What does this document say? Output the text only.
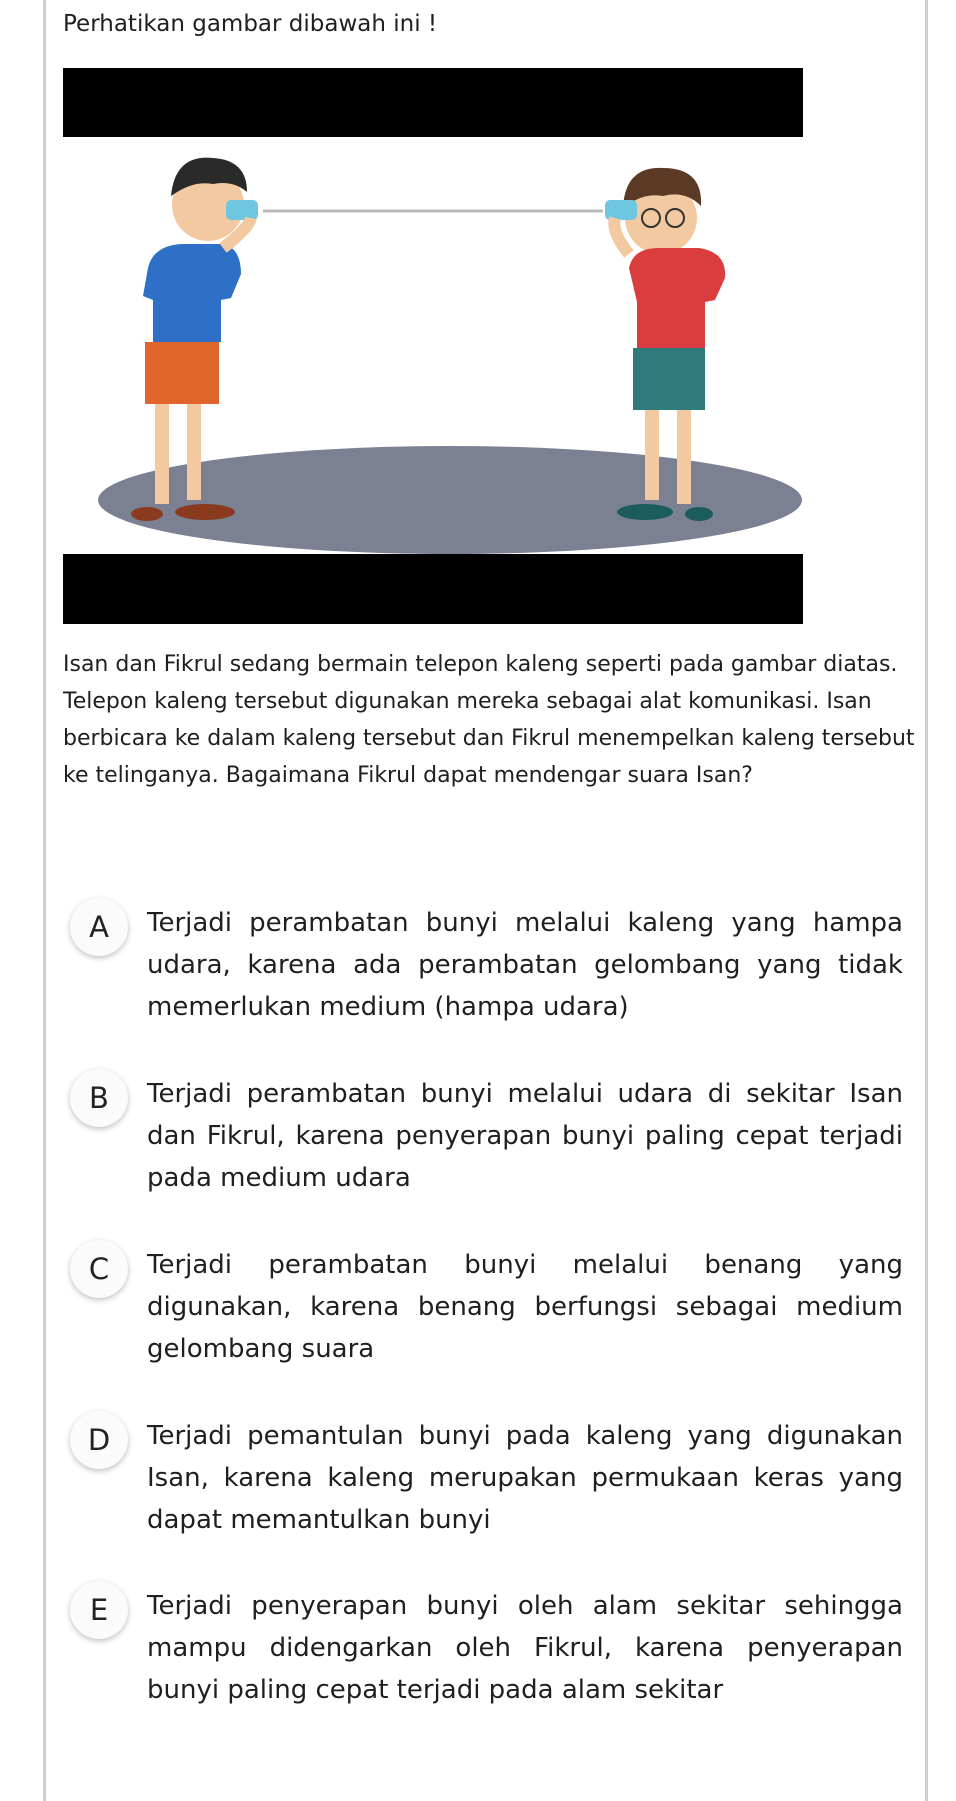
Perhatikan gambar dibawah ini !
Isan dan Fikrul sedang bermain telepon kaleng seperti pada gambar diatas. Telepon kaleng tersebut digunakan mereka sebagai alat komunikasi. Isan berbicara ke dalam kaleng tersebut dan Fikrul menempelkan kaleng tersebut ke telinganya. Bagaimana Fikrul dapat mendengar suara Isan?
A	Terjadi perambatan bunyi melalui kaleng yang hampa udara, karena ada perambatan gelombang yang tidak memerlukan medium (hampa udara)
B	Terjadi perambatan bunyi melalui udara di sekitar Isan dan Fikrul, karena penyerapan bunyi paling cepat terjadi pada medium udara
C	Terjadi perambatan bunyi melalui benang yang digunakan, karena benang berfungsi sebagai medium gelombang suara
D	Terjadi pemantulan bunyi pada kaleng yang digunakan Isan, karena kaleng merupakan permukaan keras yang dapat memantulkan bunyi
E	Terjadi penyerapan bunyi oleh alam sekitar sehingga mampu didengarkan oleh Fikrul, karena penyerapan bunyi paling cepat terjadi pada alam sekitar
